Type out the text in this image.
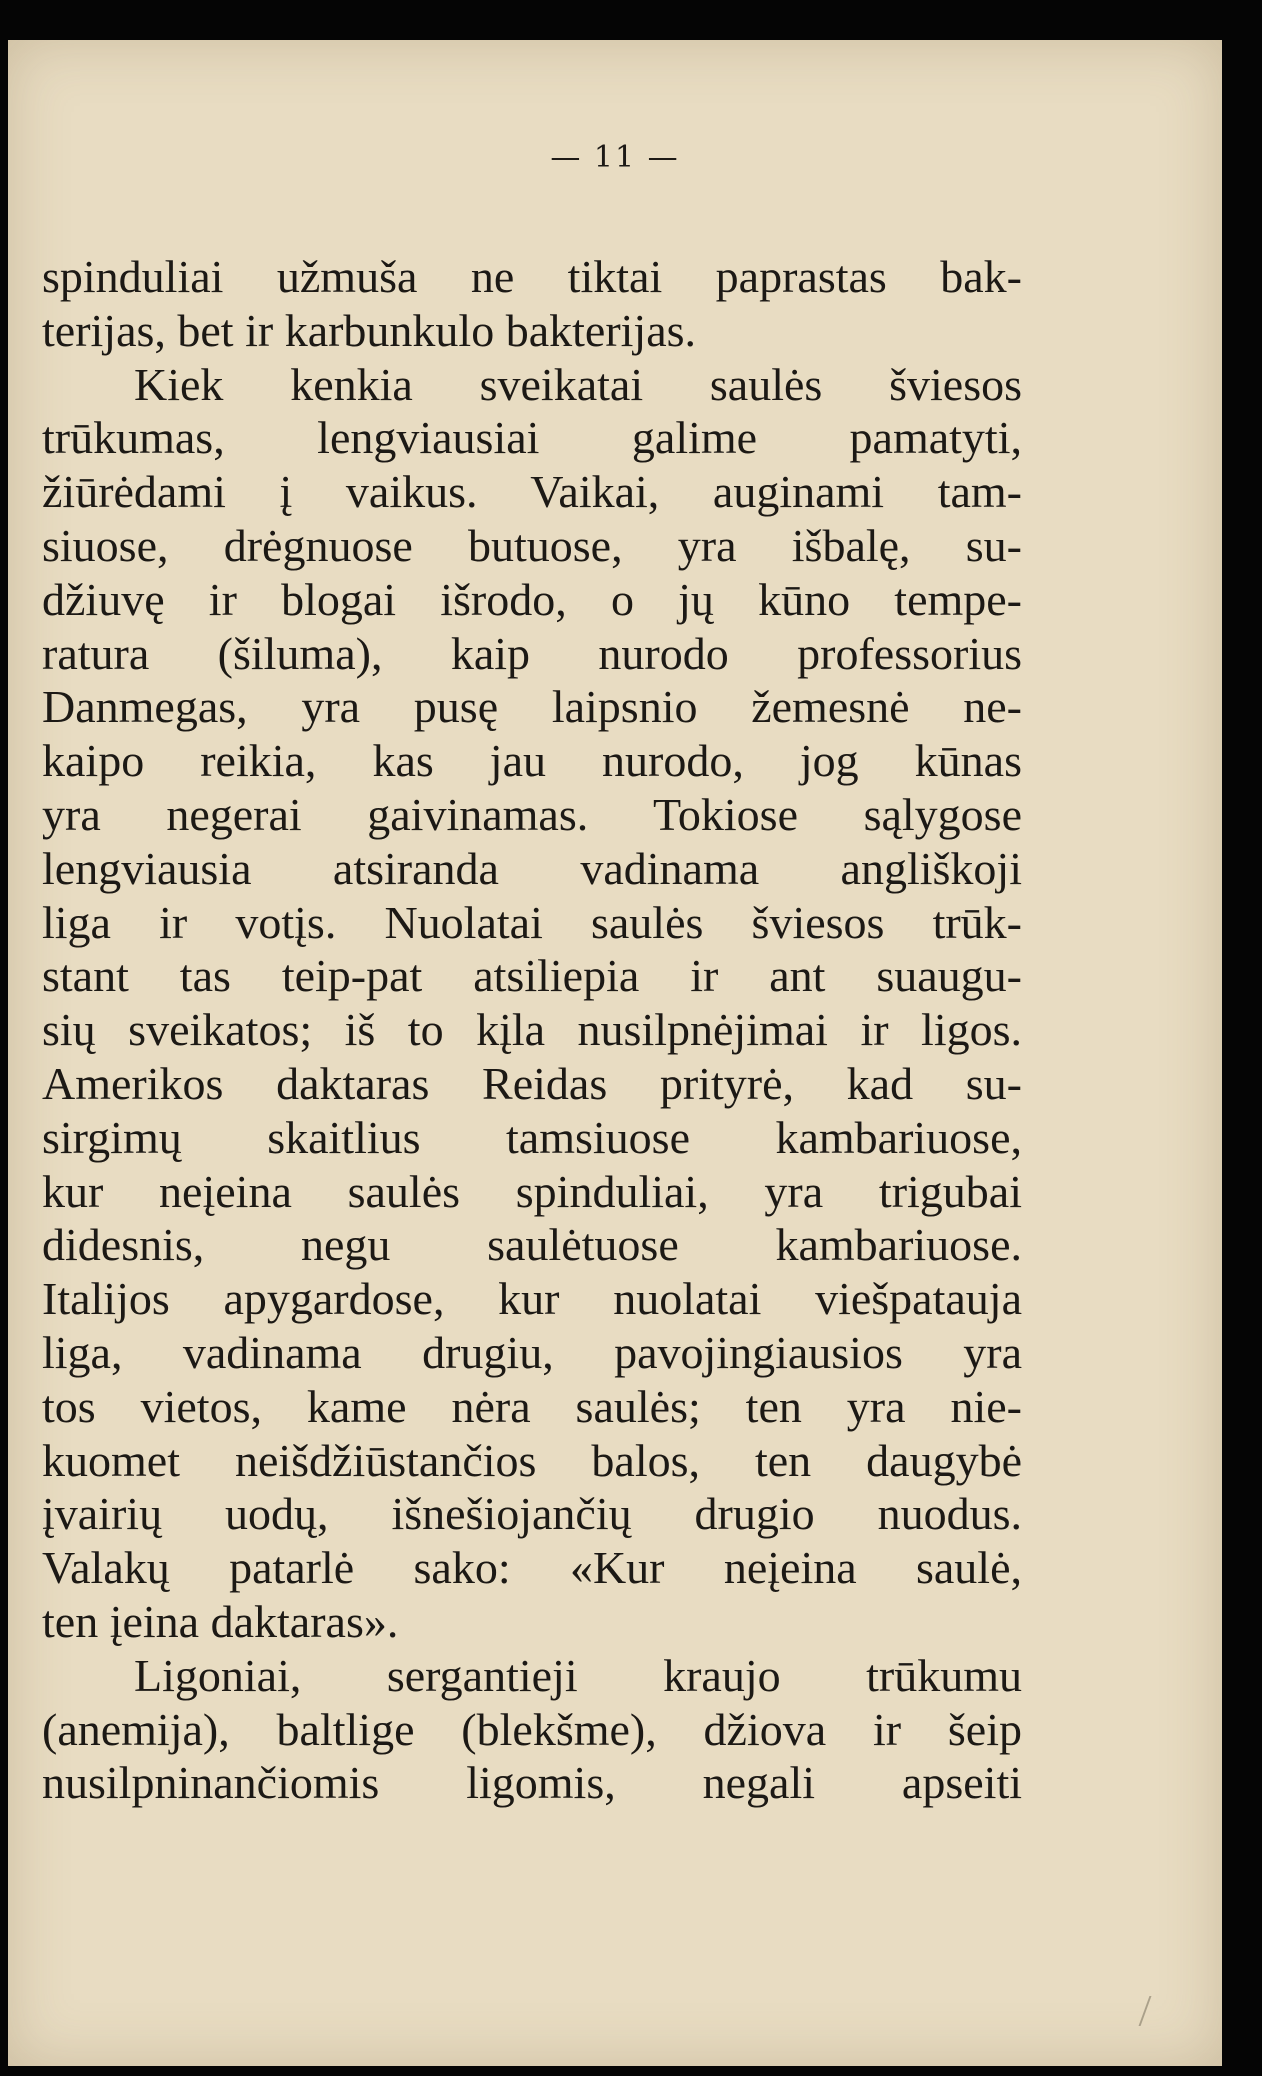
— 11 —
spinduliai užmuša ne tiktai paprastas bak-
terijas, bet ir karbunkulo bakterijas.
Kiek kenkia sveikatai saulės šviesos
trūkumas, lengviausiai galime pamatyti,
žiūrėdami į vaikus. Vaikai, auginami tam-
siuose, drėgnuose butuose, yra išbalę, su-
džiuvę ir blogai išrodo, o jų kūno tempe-
ratura (šiluma), kaip nurodo professorius
Danmegas, yra pusę laipsnio žemesnė ne-
kaipo reikia, kas jau nurodo, jog kūnas
yra negerai gaivinamas. Tokiose sąlygose
lengviausia atsiranda vadinama angliškoji
liga ir votįs. Nuolatai saulės šviesos trūk-
stant tas teip-pat atsiliepia ir ant suaugu-
sių sveikatos; iš to kįla nusilpnėjimai ir ligos.
Amerikos daktaras Reidas prityrė, kad su-
sirgimų skaitlius tamsiuose kambariuose,
kur neįeina saulės spinduliai, yra trigubai
didesnis, negu saulėtuose kambariuose.
Italijos apygardose, kur nuolatai viešpatauja
liga, vadinama drugiu, pavojingiausios yra
tos vietos, kame nėra saulės; ten yra nie-
kuomet neišdžiūstančios balos, ten daugybė
įvairių uodų, išnešiojančių drugio nuodus.
Valakų patarlė sako: «Kur neįeina saulė,
ten įeina daktaras».
Ligoniai, sergantieji kraujo trūkumu
(anemija), baltlige (blekšme), džiova ir šeip
nusilpninančiomis ligomis, negali apseiti
